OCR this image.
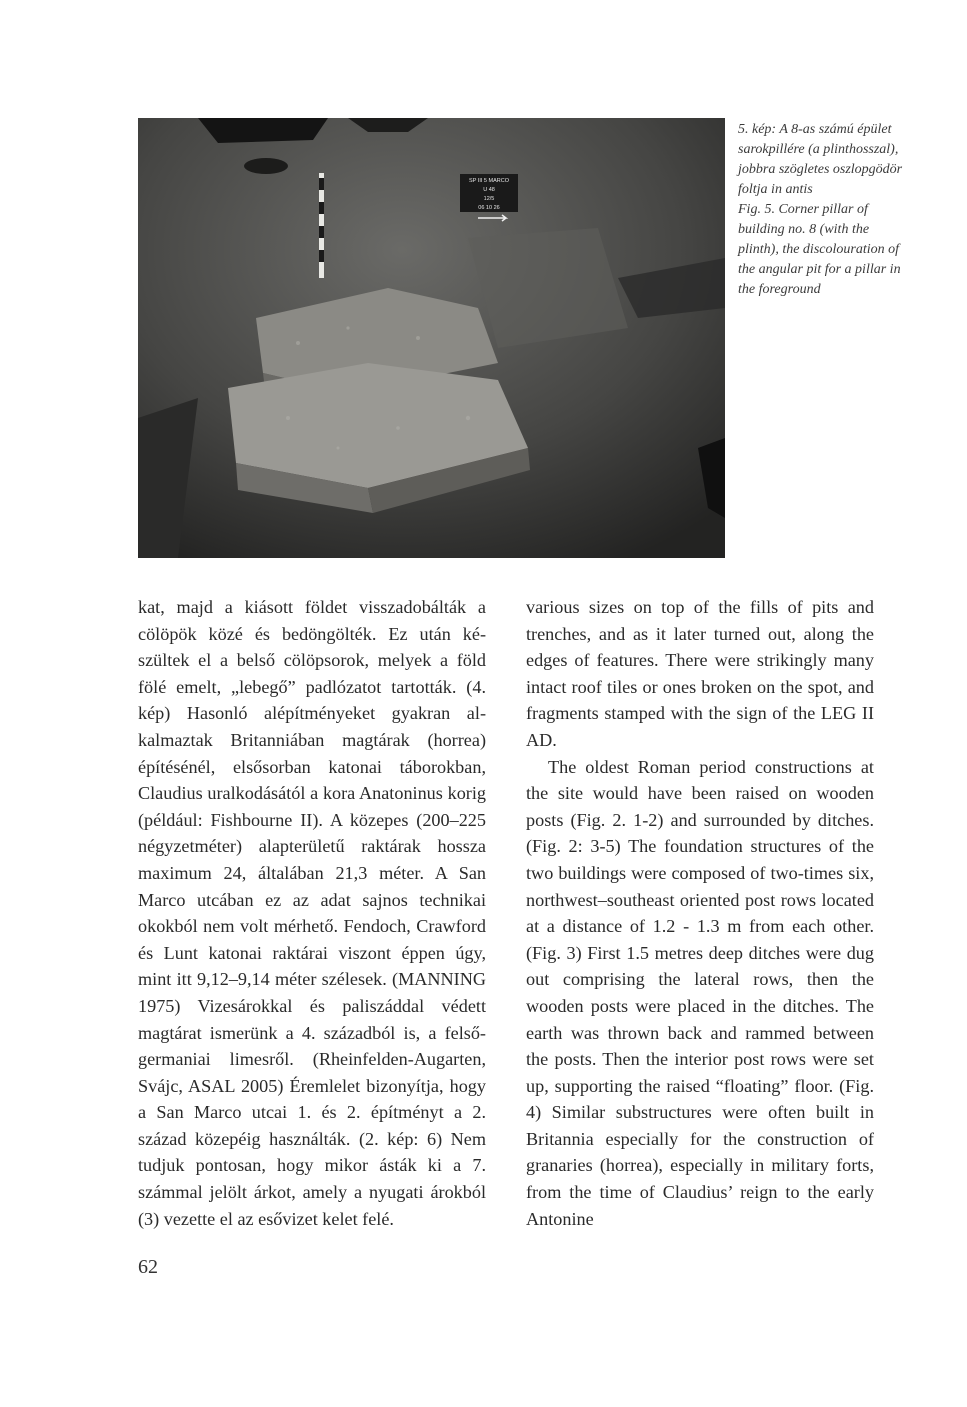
SP III 5 MARCO
U 48
12/5
06 10 26

5. kép: A 8-as számú épület sarokpillére (a plinthosszal), jobbra szögletes oszlopgödör foltja in antis

Fig. 5. Corner pillar of building no. 8 (with the plinth), the discolouration of the angular pit for a pillar in the foreground

kat, majd a kiásott földet visszadobálták a cölöpök közé és bedöngölték. Ez után készültek el a belső cölöpsorok, melyek a föld fölé emelt, „lebegő” padlózatot tartották. (4. kép) Hasonló alépítményeket gyakran alkalmaztak Britanniában magtárak (horrea) építésénél, elsősorban katonai táborokban, Claudius uralkodásától a kora Anatoninus korig (például: Fishbourne II). A közepes (200–225 négyzetméter) alapterületű raktárak hossza maximum 24, általában 21,3 méter. A San Marco utcában ez az adat sajnos technikai okokból nem volt mérhető. Fendoch, Crawford és Lunt katonai raktárai viszont éppen úgy, mint itt 9,12–9,14 méter szélesek. (MANNING 1975) Vizesárokkal és paliszáddal védett magtárat ismerünk a 4. századból is, a felső-germaniai limesről. (Rheinfelden-Augarten, Svájc, ASAL 2005) Éremlelet bizonyítja, hogy a San Marco utcai 1. és 2. építményt a 2. század közepéig használták. (2. kép: 6) Nem tudjuk pontosan, hogy mikor ásták ki a 7. számmal jelölt árkot, amely a nyugati árokból (3) vezette el az esővizet kelet felé.

various sizes on top of the fills of pits and trenches, and as it later turned out, along the edges of features. There were strikingly many intact roof tiles or ones broken on the spot, and fragments stamped with the sign of the LEG II AD.

The oldest Roman period constructions at the site would have been raised on wooden posts (Fig. 2. 1-2) and surrounded by ditches. (Fig. 2: 3-5) The foundation structures of the two buildings were composed of two-times six, northwest–southeast oriented post rows located at a distance of 1.2 - 1.3 m from each other. (Fig. 3) First 1.5 metres deep ditches were dug out comprising the lateral rows, then the wooden posts were placed in the ditches. The earth was thrown back and rammed between the posts. Then the interior post rows were set up, supporting the raised “floating” floor. (Fig. 4) Similar substructures were often built in Britannia especially for the construction of granaries (horrea), especially in military forts, from the time of Claudius’ reign to the early Antonine

62
